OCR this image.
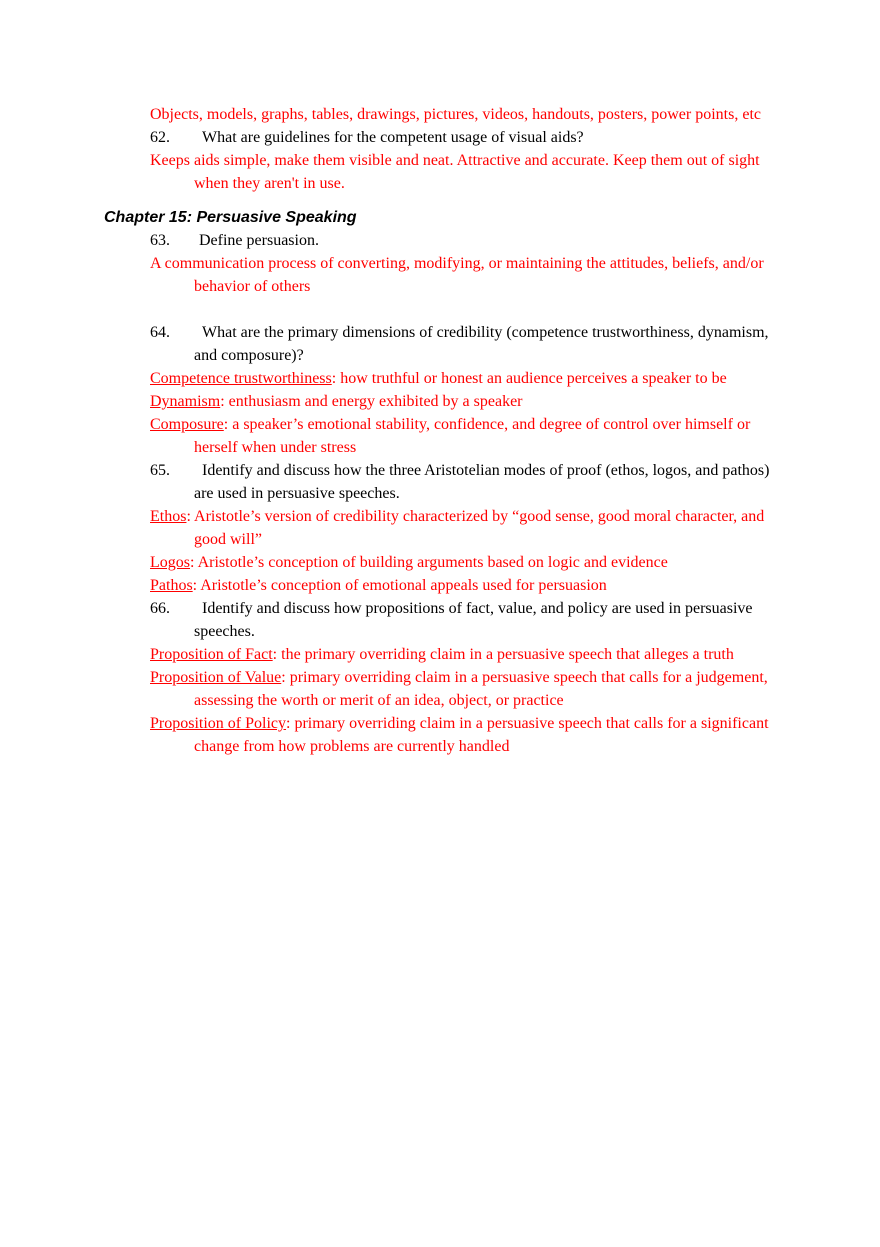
Objects, models, graphs, tables, drawings, pictures, videos, handouts, posters, power points, etc

62. What are guidelines for the competent usage of visual aids?

Keeps aids simple, make them visible and neat. Attractive and accurate. Keep them out of sight when they aren't in use.

Chapter 15: Persuasive Speaking

63. Define persuasion.

A communication process of converting, modifying, or maintaining the attitudes, beliefs, and/or behavior of others

64. What are the primary dimensions of credibility (competence trustworthiness, dynamism, and composure)?

Competence trustworthiness: how truthful or honest an audience perceives a speaker to be

Dynamism: enthusiasm and energy exhibited by a speaker

Composure: a speaker’s emotional stability, confidence, and degree of control over himself or herself when under stress

65. Identify and discuss how the three Aristotelian modes of proof (ethos, logos, and pathos) are used in persuasive speeches.

Ethos: Aristotle’s version of credibility characterized by “good sense, good moral character, and good will”

Logos: Aristotle’s conception of building arguments based on logic and evidence

Pathos: Aristotle’s conception of emotional appeals used for persuasion

66. Identify and discuss how propositions of fact, value, and policy are used in persuasive speeches.

Proposition of Fact: the primary overriding claim in a persuasive speech that alleges a truth

Proposition of Value: primary overriding claim in a persuasive speech that calls for a judgement, assessing the worth or merit of an idea, object, or practice

Proposition of Policy: primary overriding claim in a persuasive speech that calls for a significant change from how problems are currently handled
